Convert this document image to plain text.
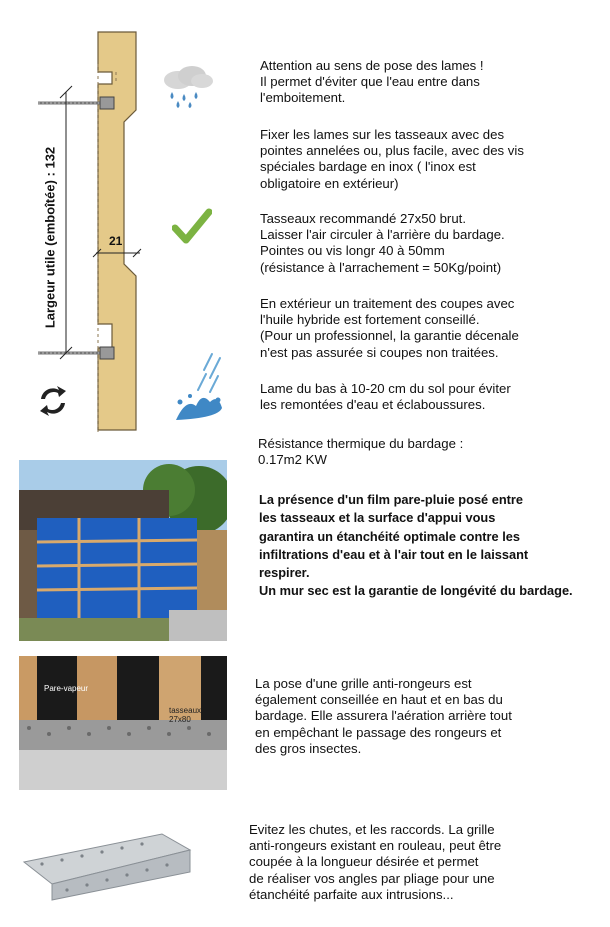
Largeur utile (emboîtée) : 132	21
Attention au sens de pose des lames !
Il permet d'éviter que l'eau entre dans
l'emboitement.
Fixer les lames sur les tasseaux avec des
pointes annelées ou, plus facile, avec des vis
spéciales bardage en inox ( l'inox est
obligatoire en extérieur)
Tasseaux recommandé 27x50 brut.
Laisser l'air circuler à l'arrière du bardage.
Pointes ou vis longr 40 à 50mm
(résistance à l'arrachement = 50Kg/point)
En extérieur un traitement des coupes avec
l'huile hybride est fortement conseillé.
(Pour un professionnel, la garantie décenale
n'est pas assurée si coupes non traitées.
Lame du bas à 10-20 cm du sol pour éviter
les remontées d'eau et éclaboussures.
Résistance thermique du bardage :
0.17m2 KW
La présence d'un film pare-pluie posé entre
les tasseaux et la surface d'appui vous
garantira un étanchéité optimale contre les
infiltrations d'eau et à l'air tout en le laissant
respirer.
Un mur sec est la garantie de longévité du bardage.
Pare-vapeur
tasseaux
27x80
La pose d'une grille anti-rongeurs est
également conseillée en haut et en bas du
bardage. Elle assurera l'aération arrière tout
en empêchant le passage des rongeurs et
des gros insectes.
Evitez les chutes, et les raccords. La grille
anti-rongeurs existant en rouleau, peut être
coupée à la longueur désirée et permet
de réaliser vos angles par pliage pour une
étanchéité parfaite aux intrusions...
